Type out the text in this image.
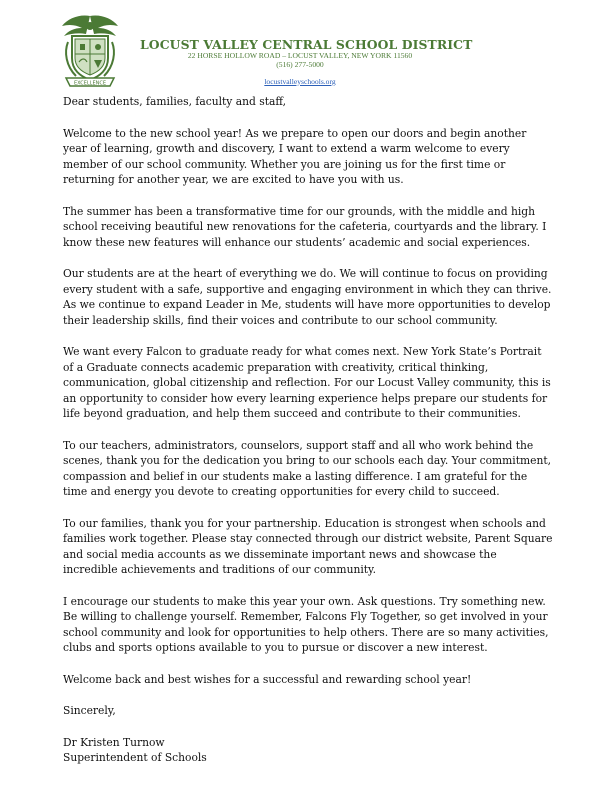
EXCELLENCE
LOCUST VALLEY CENTRAL SCHOOL DISTRICT
22 HORSE HOLLOW ROAD – LOCUST VALLEY, NEW YORK 11560
(516) 277-5000
locustvalleyschools.org

Dear students, families, faculty and staff,

Welcome to the new school year! As we prepare to open our doors and begin another year of learning, growth and discovery, I want to extend a warm welcome to every member of our school community. Whether you are joining us for the first time or returning for another year, we are excited to have you with us.

The summer has been a transformative time for our grounds, with the middle and high school receiving beautiful new renovations for the cafeteria, courtyards and the library. I know these new features will enhance our students’ academic and social experiences.

Our students are at the heart of everything we do. We will continue to focus on providing every student with a safe, supportive and engaging environment in which they can thrive. As we continue to expand Leader in Me, students will have more opportunities to develop their leadership skills, find their voices and contribute to our school community.

We want every Falcon to graduate ready for what comes next. New York State’s Portrait of a Graduate connects academic preparation with creativity, critical thinking, communication, global citizenship and reflection. For our Locust Valley community, this is an opportunity to consider how every learning experience helps prepare our students for life beyond graduation, and help them succeed and contribute to their communities.

To our teachers, administrators, counselors, support staff and all who work behind the scenes, thank you for the dedication you bring to our schools each day. Your commitment, compassion and belief in our students make a lasting difference. I am grateful for the time and energy you devote to creating opportunities for every child to succeed.

To our families, thank you for your partnership. Education is strongest when schools and families work together. Please stay connected through our district website, Parent Square and social media accounts as we disseminate important news and showcase the incredible achievements and traditions of our community.

I encourage our students to make this year your own. Ask questions. Try something new. Be willing to challenge yourself. Remember, Falcons Fly Together, so get involved in your school community and look for opportunities to help others. There are so many activities, clubs and sports options available to you to pursue or discover a new interest.

Welcome back and best wishes for a successful and rewarding school year!

Sincerely,

Dr Kristen Turnow

Superintendent of Schools
